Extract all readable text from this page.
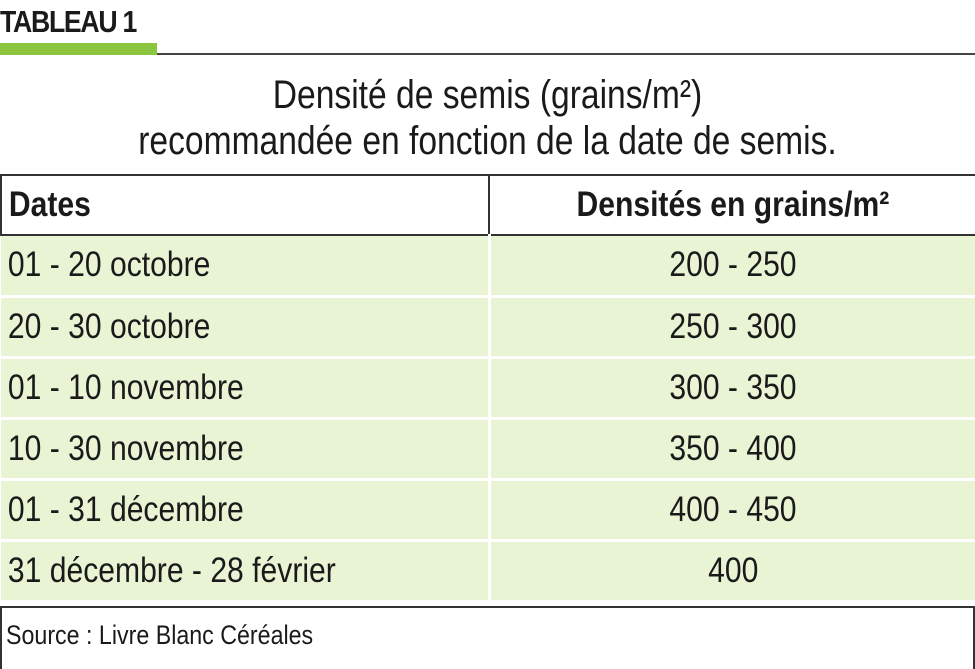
TABLEAU 1
Densité de semis (grains/m²)
recommandée en fonction de la date de semis.
Dates	Densités en grains/m²
01 - 20 octobre	200 - 250
20 - 30 octobre	250 - 300
01 - 10 novembre	300 - 350
10 - 30 novembre	350 - 400
01 - 31 décembre	400 - 450
31 décembre - 28 février	400
Source : Livre Blanc Céréales
